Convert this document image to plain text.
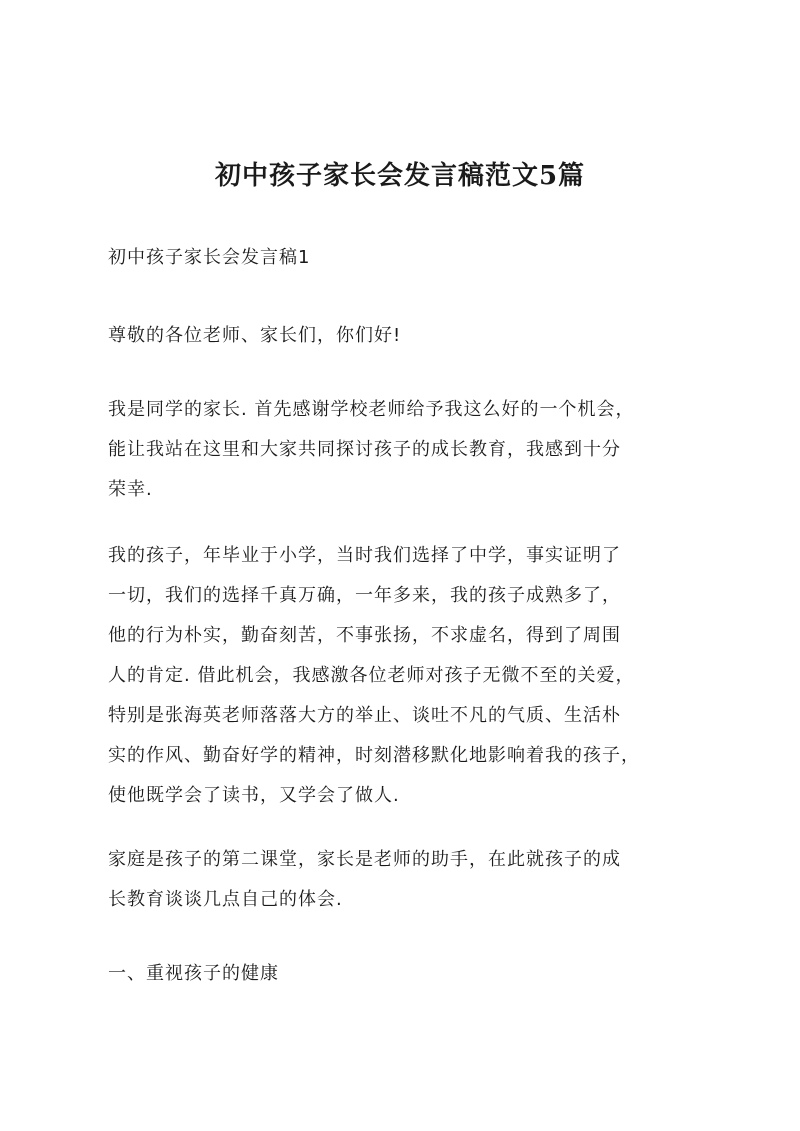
初中孩子家长会发言稿范文5篇

初中孩子家长会发言稿1

尊敬的各位老师、家长们，你们好!

我是同学的家长. 首先感谢学校老师给予我这么好的一个机会，
能让我站在这里和大家共同探讨孩子的成长教育，我感到十分
荣幸.

我的孩子，年毕业于小学，当时我们选择了中学，事实证明了
一切，我们的选择千真万确，一年多来，我的孩子成熟多了，
他的行为朴实，勤奋刻苦，不事张扬，不求虚名，得到了周围
人的肯定. 借此机会，我感激各位老师对孩子无微不至的关爱，
特别是张海英老师落落大方的举止、谈吐不凡的气质、生活朴
实的作风、勤奋好学的精神，时刻潜移默化地影响着我的孩子，
使他既学会了读书，又学会了做人.

家庭是孩子的第二课堂，家长是老师的助手，在此就孩子的成
长教育谈谈几点自己的体会.

一、重视孩子的健康
